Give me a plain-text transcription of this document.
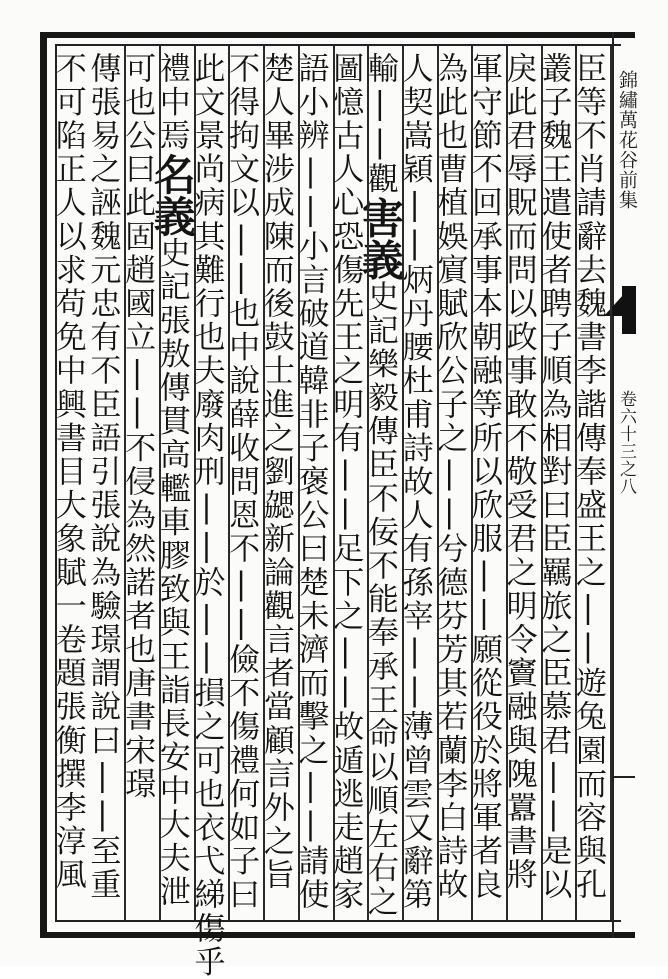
錦繡萬花谷前集
卷六十三之八
臣等不肖請辭去魏書李諧傳奉盛王之||遊兔園而容與孔
叢子魏王遣使者聘子順為相對曰臣羈旅之臣慕君||是以
戾此君辱貺而問以政事敢不敬受君之明令竇融與隗囂書將
軍守節不回承事本朝融等所以欣服||願從役於將軍者良
為此也曹植娛賔賦欣公子之||兮德芬芳其若蘭李白詩故
人契嵩穎||炳丹腰杜甫詩故人有孫宰||薄曾雲又辭第
輸||觀害義史記樂毅傳臣不佞不能奉承王命以順左右之
圖憶古人心恐傷先王之明有||足下之||故遁逃走趙家
語小辨||小言破道韓非子褒公曰楚未濟而擊之||請使
楚人畢涉成陳而後鼓士進之劉勰新論觀言者當顧言外之旨
不得拘文以||也中說薛收問恩不||儉不傷禮何如子曰
此文景尚病其難行也夫廢肉刑||於||損之可也衣弋綈傷乎
禮中焉名義史記張敖傳貫高轞車膠致與王詣長安中大夫泄
可也公曰此固趙國立||不侵為然諾者也唐書宋璟
傳張易之誣魏元忠有不臣語引張說為驗璟謂說曰||至重
不可陷正人以求苟免中興書目大象賦一卷題張衡撰李淳風
